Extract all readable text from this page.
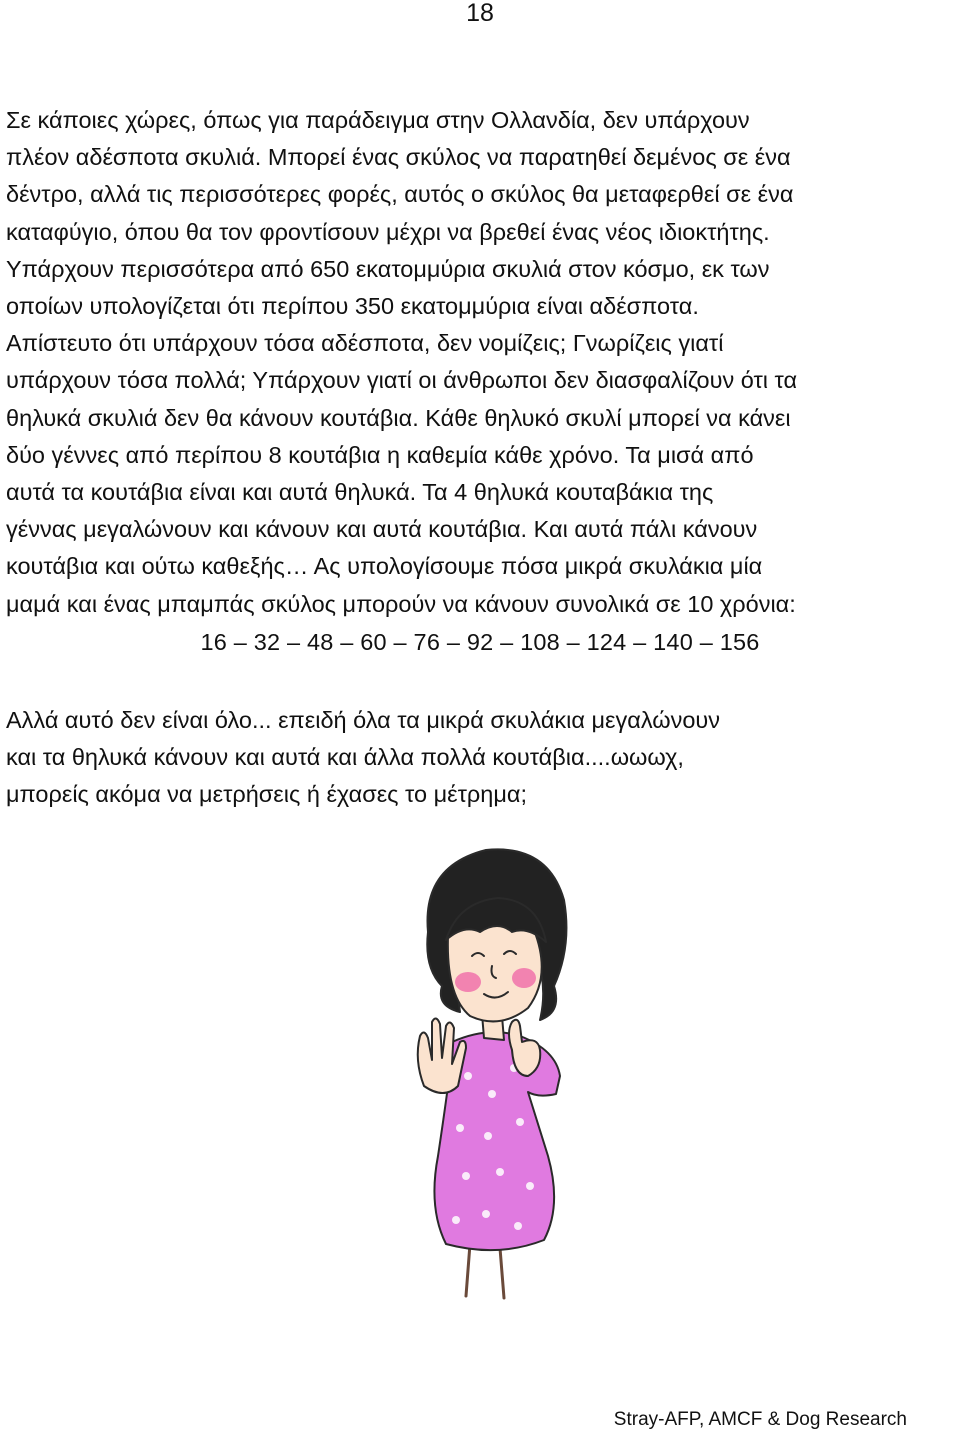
18

Σε κάποιες χώρες, όπως για παράδειγμα στην Ολλανδία, δεν υπάρχουν
πλέον αδέσποτα σκυλιά. Μπορεί ένας σκύλος να παρατηθεί δεμένος σε ένα
δέντρο, αλλά τις περισσότερες φορές, αυτός ο σκύλος θα μεταφερθεί σε ένα
καταφύγιο, όπου θα τον φροντίσουν μέχρι να βρεθεί ένας νέος ιδιοκτήτης.
Υπάρχουν περισσότερα από 650 εκατομμύρια σκυλιά στον κόσμο, εκ των
οποίων υπολογίζεται ότι περίπου 350 εκατομμύρια είναι αδέσποτα.
Απίστευτο ότι υπάρχουν τόσα αδέσποτα, δεν νομίζεις; Γνωρίζεις γιατί
υπάρχουν τόσα πολλά; Υπάρχουν γιατί οι άνθρωποι δεν διασφαλίζουν ότι τα
θηλυκά σκυλιά δεν θα κάνουν κουτάβια. Κάθε θηλυκό σκυλί μπορεί να κάνει
δύο γέννες από περίπου 8 κουτάβια η καθεμία κάθε χρόνο. Τα μισά από
αυτά τα κουτάβια είναι και αυτά θηλυκά. Τα 4 θηλυκά κουταβάκια της
γέννας μεγαλώνουν και κάνουν και αυτά κουτάβια. Και αυτά πάλι κάνουν
κουτάβια και ούτω καθεξής… Ας υπολογίσουμε πόσα μικρά σκυλάκια μία
μαμά και ένας μπαμπάς σκύλος μπορούν να κάνουν συνολικά σε 10 χρόνια:

16 – 32 – 48 – 60 – 76 – 92 – 108 – 124 – 140 – 156

Αλλά αυτό δεν είναι όλο... επειδή όλα τα μικρά σκυλάκια μεγαλώνουν
και τα θηλυκά κάνουν και αυτά και άλλα πολλά κουτάβια....ωωωχ,
μπορείς ακόμα να μετρήσεις ή έχασες το μέτρημα;

Stray-AFP, AMCF & Dog Research
